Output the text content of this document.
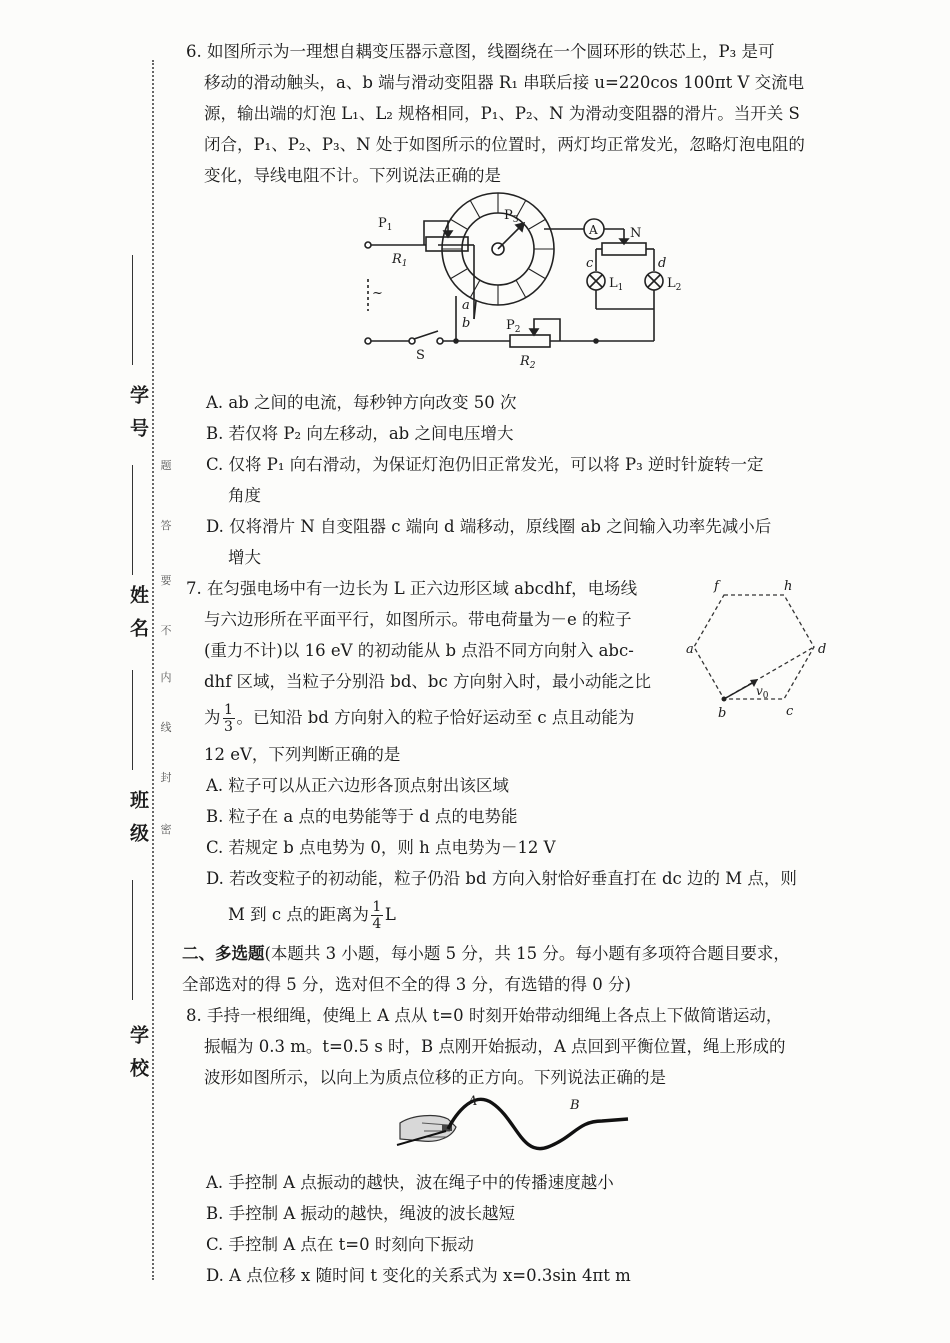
题
答
要
不
内
线
封
密
学号
姓名
班级
学校

6. 如图所示为一理想自耦变压器示意图，线圈绕在一个圆环形的铁芯上，P₃ 是可

移动的滑动触头，a、b 端与滑动变阻器 R₁ 串联后接 u=220cos 100πt V 交流电

源，输出端的灯泡 L₁、L₂ 规格相同，P₁、P₂、N 为滑动变阻器的滑片。当开关 S

闭合，P₁、P₂、P₃、N 处于如图所示的位置时，两灯均正常发光，忽略灯泡电阻的

变化，导线电阻不计。下列说法正确的是

$P_1$
$R_1$
$P_3$
A N
c	d
$L_1$	$L_2$
a
b	$P_2$
$R_2$
S
~

A. ab 之间的电流，每秒钟方向改变 50 次

B. 若仅将 P₂ 向左移动，ab 之间电压增大

C. 仅将 P₁ 向右滑动，为保证灯泡仍旧正常发光，可以将 P₃ 逆时针旋转一定

角度

D. 仅将滑片 N 自变阻器 c 端向 d 端移动，原线圈 ab 之间输入功率先减小后

增大

f	h
a	d
b	c
$v_0$

7. 在匀强电场中有一边长为 L 正六边形区域 abcdhf，电场线

与六边形所在平面平行，如图所示。带电荷量为－e 的粒子

(重力不计)以 16 eV 的初动能从 b 点沿不同方向射入 abc-

dhf 区域，当粒子分别沿 bd、bc 方向射入时，最小动能之比

为 $\frac{1}{3}$ 。已知沿 bd 方向射入的粒子恰好运动至 c 点且动能为

12 eV，下列判断正确的是

A. 粒子可以从正六边形各顶点射出该区域

B. 粒子在 a 点的电势能等于 d 点的电势能

C. 若规定 b 点电势为 0，则 h 点电势为－12 V

D. 若改变粒子的初动能，粒子仍沿 bd 方向入射恰好垂直打在 dc 边的 M 点，则

M 到 c 点的距离为 $\frac{1}{4}$ L

二、多选题(本题共 3 小题，每小题 5 分，共 15 分。每小题有多项符合题目要求，

全部选对的得 5 分，选对但不全的得 3 分，有选错的得 0 分)

8. 手持一根细绳，使绳上 A 点从 t=0 时刻开始带动细绳上各点上下做简谐运动，

振幅为 0.3 m。t=0.5 s 时，B 点刚开始振动，A 点回到平衡位置，绳上形成的

波形如图所示，以向上为质点位移的正方向。下列说法正确的是

A	B

A. 手控制 A 点振动的越快，波在绳子中的传播速度越小

B. 手控制 A 振动的越快，绳波的波长越短

C. 手控制 A 点在 t=0 时刻向下振动

D. A 点位移 x 随时间 t 变化的关系式为 x=0.3sin 4πt m
